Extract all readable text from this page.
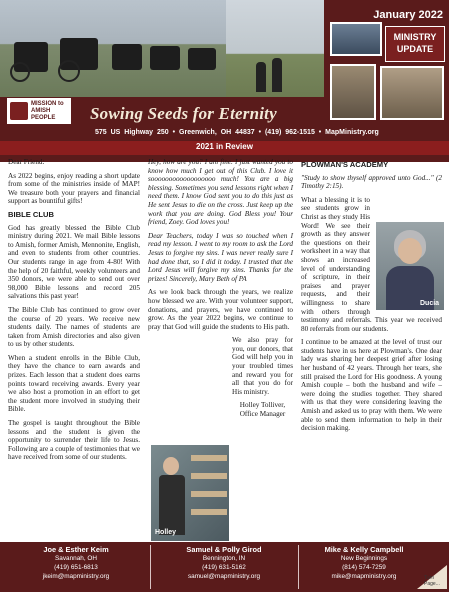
January 2022
MINISTRY
UPDATE
MISSION to AMISH PEOPLE	Sowing Seeds for Eternity
575 US Highway 250 • Greenwich, OH 44837 • (419) 962-1515 • MapMinistry.org
2021 in Review

Dear Friend:

As 2022 begins, enjoy reading a short update from some of the ministries inside of MAP! We treasure both your prayers and financial support as bountiful gifts!

BIBLE CLUB

God has greatly blessed the Bible Club ministry during 2021. We mail Bible lessons to Amish, former Amish, Mennonite, English, and even to students from other countries. Our students range in age from 4-80! With the help of 20 faithful, weekly volunteers and 350 donors, we were able to send out over 98,000 Bible lessons and record 205 salvations this past year!

The Bible Club has continued to grow over the course of 20 years. We receive new students daily. The names of students are taken from Amish directories and also given to us by other students.

When a student enrolls in the Bible Club, they have the chance to earn awards and prizes. Each lesson that a student does earns points toward receiving awards. Every year we also host a promotion in an effort to get the student more involved in studying their Bible.

The gospel is taught throughout the Bible lessons and the student is given the opportunity to surrender their life to Jesus. Following are a couple of testimonies that we have received from some of our students.

Hey, how are you? I am fine. I just wanted you to know how much I get out of this Club. I love it soooooooooooooooooo much! You are a big blessing. Sometimes you send lessons right when I need them. I know God sent you to do this just as He sent Jesus to die on the cross. Just keep up the work that you are doing. God Bless you! Your friend, Zoey. God loves you!

Dear Teachers, today I was so touched when I read my lesson. I went to my room to ask the Lord Jesus to forgive my sins. I was never really sure I had done that, so I did it today. I trusted that the Lord Jesus will forgive my sins. Thanks for the prizes! Sincerely, Mary Beth of PA

As we look back through the years, we realize how blessed we are. With your volunteer support, donations, and prayers, we have continued to grow. As the year 2022 begins, we continue to pray that God will guide the students to His path.

We also pray for you, our donors, that God will help you in your troubled times and reward you for all that you do for His ministry.

Holley Tolliver,
Office Manager
Holley
PLOWMAN'S ACADEMY

"Study to show thyself approved unto God..." (2 Timothy 2:15).

What a blessing it is to see students grow in Christ as they study His Word! We see their growth as they answer the questions on their worksheet in a way that shows an increased level of understanding of scripture, in their praises and prayer requests, and their willingness to share with others through testimony and referrals. This year we received 80 referrals from our students.

I continue to be amazed at the level of trust our students have in us here at Plowman's. One dear lady was sharing her deepest grief after losing her husband of 42 years. Through her tears, she still praised the Lord for His goodness. A young Amish couple – both the husband and wife – were doing the studies together. They shared with us that they were considering leaving the Amish and asked us to pray with them. We were able to send them information to help in their decision making.

Ducia
Joe & Esther Keim
Savannah, OH
(419) 651-6813
jkeim@mapministry.org
Samuel & Polly Girod
Bennington, IN
(419) 631-5162
samuel@mapministry.org
Mike & Kelly Campbell
New Beginnings
(814) 574-7259
mike@mapministry.org	Turn
Page...
